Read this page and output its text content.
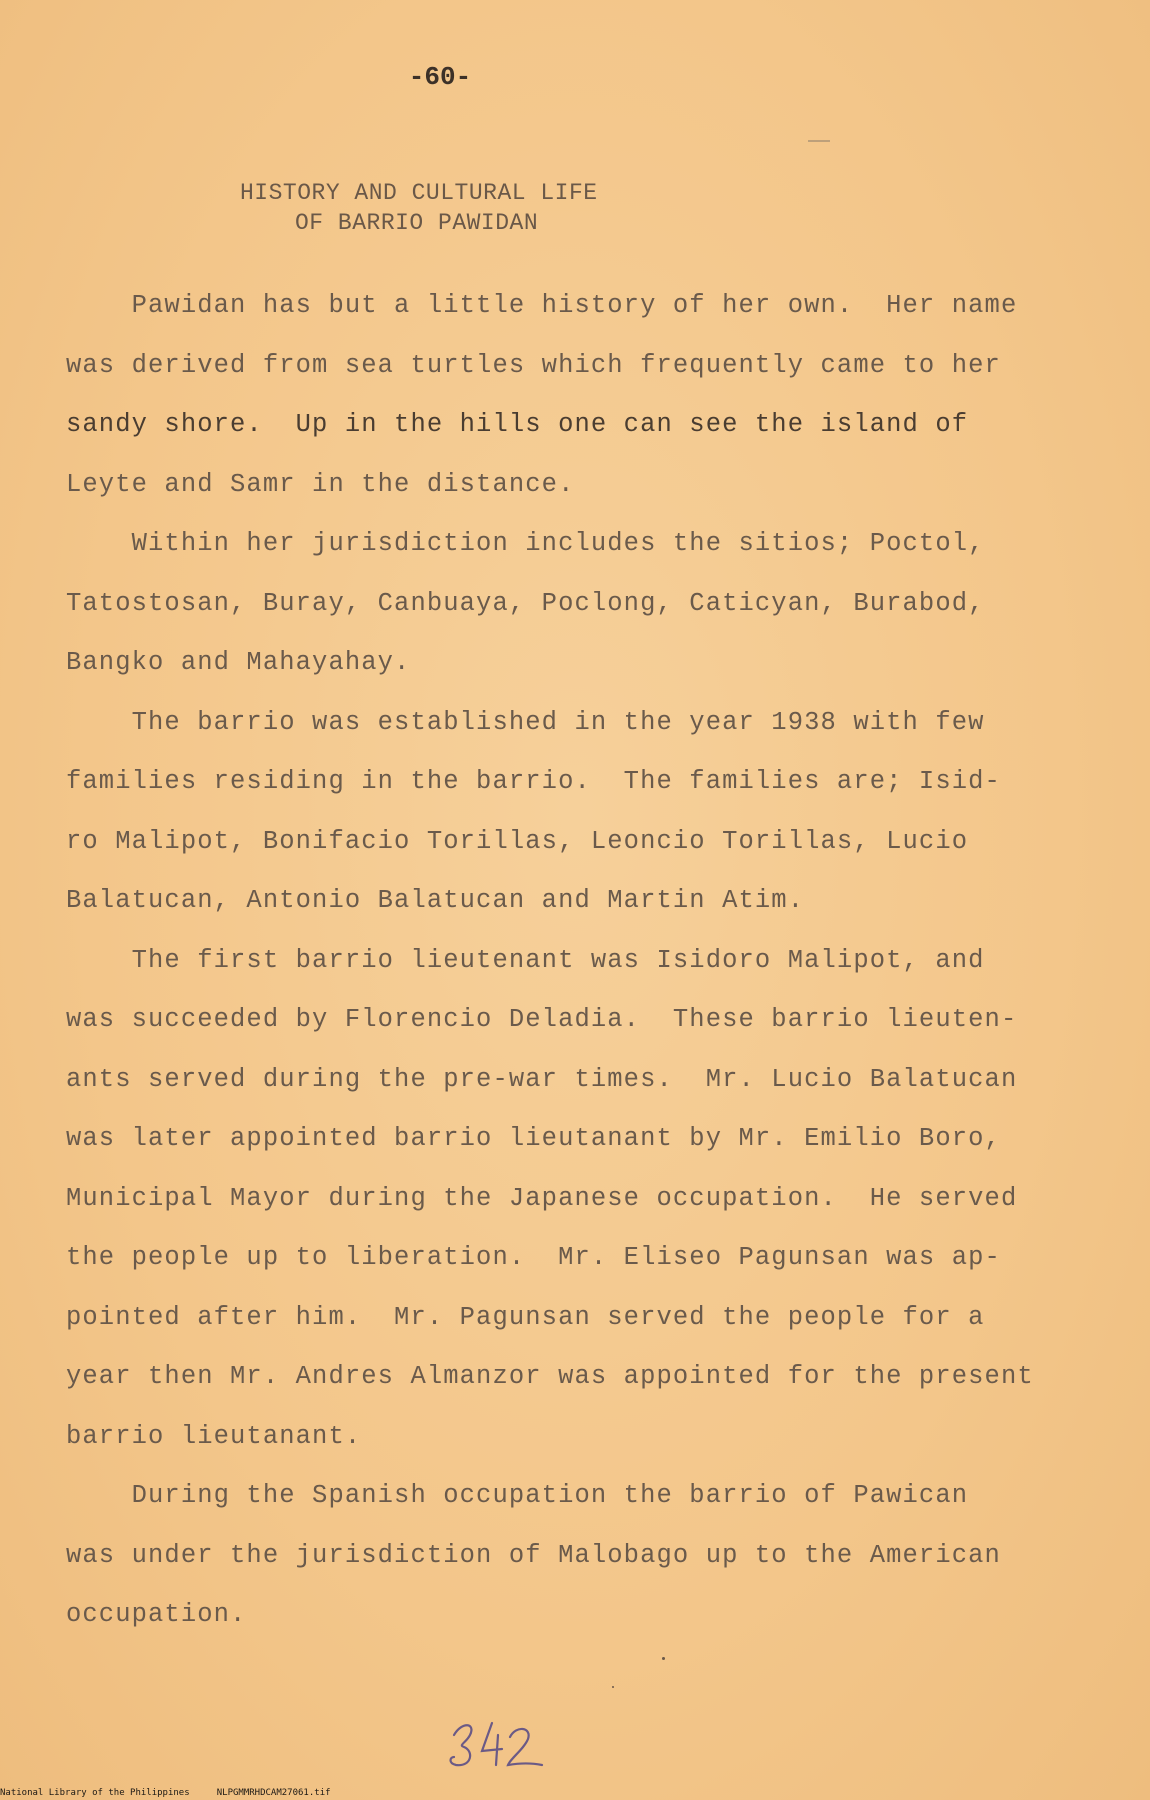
-60-
HISTORY AND CULTURAL LIFE
OF BARRIO PAWIDAN
Pawidan has but a little history of her own.  Her name
was derived from sea turtles which frequently came to her
sandy shore.  Up in the hills one can see the island of
Leyte and Samr in the distance.
Within her jurisdiction includes the sitios; Poctol,
Tatostosan, Buray, Canbuaya, Poclong, Caticyan, Burabod,
Bangko and Mahayahay.
The barrio was established in the year 1938 with few
families residing in the barrio.  The families are; Isid-
ro Malipot, Bonifacio Torillas, Leoncio Torillas, Lucio
Balatucan, Antonio Balatucan and Martin Atim.
The first barrio lieutenant was Isidoro Malipot, and
was succeeded by Florencio Deladia.  These barrio lieuten-
ants served during the pre-war times.  Mr. Lucio Balatucan
was later appointed barrio lieutanant by Mr. Emilio Boro,
Municipal Mayor during the Japanese occupation.  He served
the people up to liberation.  Mr. Eliseo Pagunsan was ap-
pointed after him.  Mr. Pagunsan served the people for a
year then Mr. Andres Almanzor was appointed for the present
barrio lieutanant.
During the Spanish occupation the barrio of Pawican
was under the jurisdiction of Malobago up to the American
occupation.
National Library of the Philippines     NLPGMMRHDCAM27061.tif
